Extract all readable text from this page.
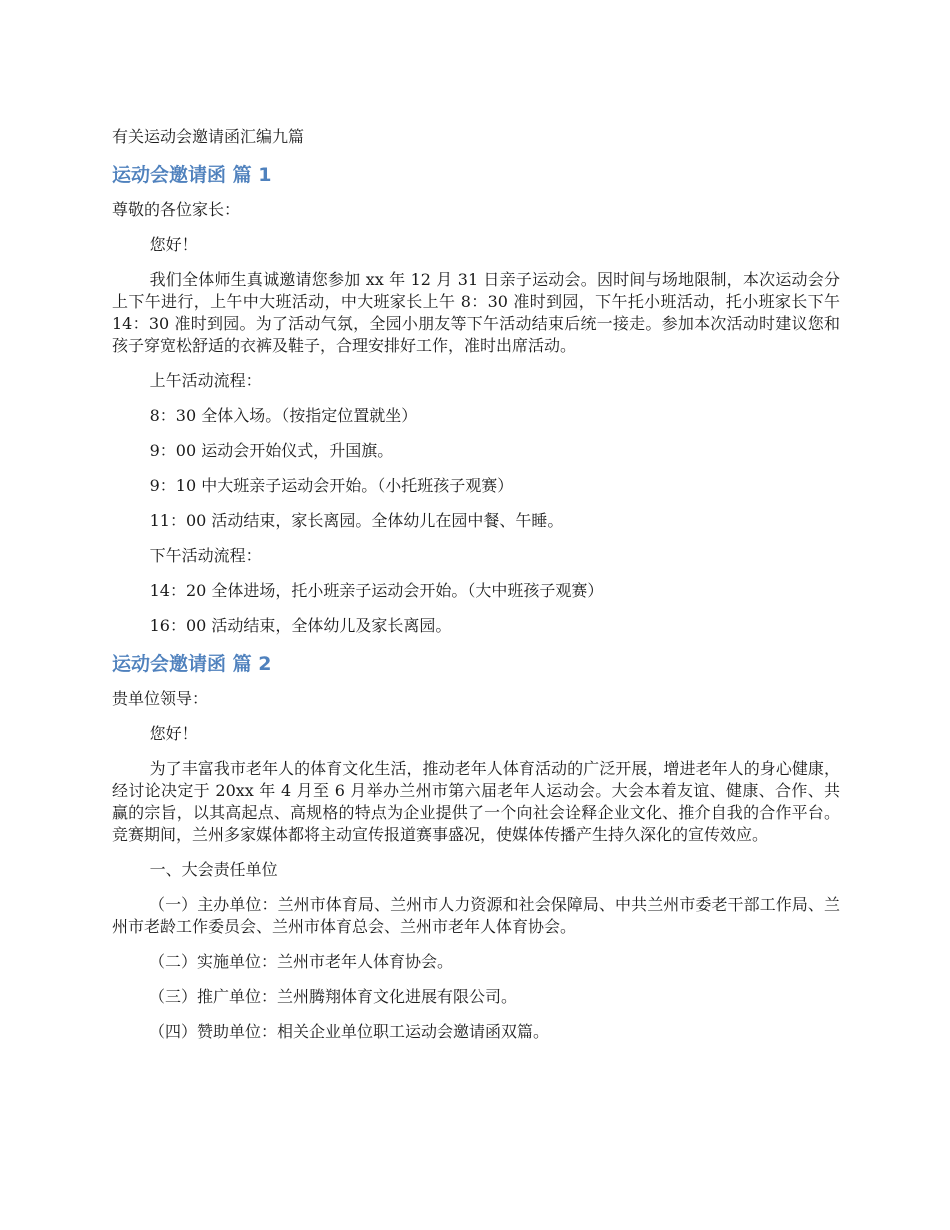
有关运动会邀请函汇编九篇
运动会邀请函 篇 1

尊敬的各位家长：

您好！

我们全体师生真诚邀请您参加 xx 年 12 月 31 日亲子运动会。因时间与场地限制，本次运动会分上下午进行，上午中大班活动，中大班家长上午 8：30 准时到园，下午托小班活动，托小班家长下午 14：30 准时到园。为了活动气氛，全园小朋友等下午活动结束后统一接走。参加本次活动时建议您和孩子穿宽松舒适的衣裤及鞋子，合理安排好工作，准时出席活动。

上午活动流程：

8：30 全体入场。（按指定位置就坐）

9：00 运动会开始仪式，升国旗。

9：10 中大班亲子运动会开始。（小托班孩子观赛）

11：00 活动结束，家长离园。全体幼儿在园中餐、午睡。

下午活动流程：

14：20 全体进场，托小班亲子运动会开始。（大中班孩子观赛）

16：00 活动结束，全体幼儿及家长离园。

运动会邀请函 篇 2

贵单位领导：

您好！

为了丰富我市老年人的体育文化生活，推动老年人体育活动的广泛开展，增进老年人的身心健康，经讨论决定于 20xx 年 4 月至 6 月举办兰州市第六届老年人运动会。大会本着友谊、健康、合作、共赢的宗旨，以其高起点、高规格的特点为企业提供了一个向社会诠释企业文化、推介自我的合作平台。竞赛期间，兰州多家媒体都将主动宣传报道赛事盛况，使媒体传播产生持久深化的宣传效应。

一、大会责任单位

（一）主办单位：兰州市体育局、兰州市人力资源和社会保障局、中共兰州市委老干部工作局、兰州市老龄工作委员会、兰州市体育总会、兰州市老年人体育协会。

（二）实施单位：兰州市老年人体育协会。

（三）推广单位：兰州腾翔体育文化进展有限公司。

（四）赞助单位：相关企业单位职工运动会邀请函双篇。
